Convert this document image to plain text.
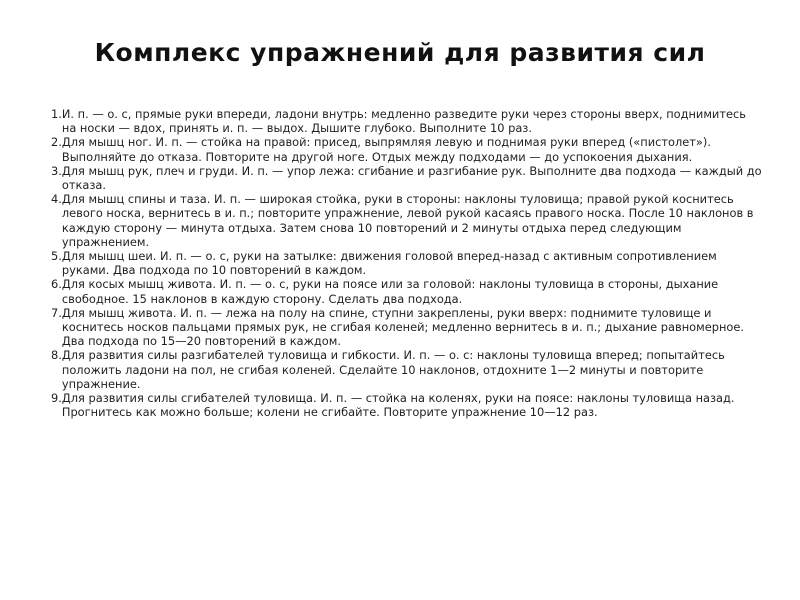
Комплекс упражнений для развития сил
1. И. п. — о. с, прямые руки впереди, ладони внутрь: медленно разведите руки через стороны вверх, поднимитесь на носки — вдох, принять и. п. — выдох. Дышите глубоко. Выполните 10 раз.
2. Для мышц ног. И. п. — стойка на правой: присед, выпрямляя левую и поднимая руки вперед («пистолет»). Выполняйте до отказа. Повторите на другой ноге. Отдых между подходами — до успокоения дыхания.
3. Для мышц рук, плеч и груди. И. п. — упор лежа: сгибание и разгибание рук. Выполните два подхода — каждый до отказа.
4. Для мышц спины и таза. И. п. — широкая стойка, руки в стороны: наклоны туловища; правой рукой коснитесь левого носка, вернитесь в и. п.; повторите упражнение, левой рукой касаясь правого носка. После 10 наклонов в каждую сторону — минута отдыха. Затем снова 10 повторений и 2 минуты отдыха перед следующим упражнением.
5. Для мышц шеи. И. п. — о. с, руки на затылке: движения головой вперед-назад с активным сопротивлением руками. Два подхода по 10 повторений в каждом.
6. Для косых мышц живота. И. п. — о. с, руки на поясе или за головой: наклоны туловища в стороны, дыхание свободное. 15 наклонов в каждую сторону. Сделать два подхода.
7. Для мышц живота. И. п. — лежа на полу на спине, ступни закреплены, руки вверх: поднимите туловище и коснитесь носков пальцами прямых рук, не сгибая коленей; медленно вернитесь в и. п.; дыхание равномерное. Два подхода по 15—20 повторений в каждом.
8. Для развития силы разгибателей туловища и гибкости. И. п. — о. с: наклоны туловища вперед; попытайтесь положить ладони на пол, не сгибая коленей. Сделайте 10 наклонов, отдохните 1—2 минуты и повторите упражнение.
9. Для развития силы сгибателей туловища. И. п. — стойка на коленях, руки на поясе: наклоны туловища назад. Прогнитесь как можно больше; колени не сгибайте. Повторите упражнение 10—12 раз.
